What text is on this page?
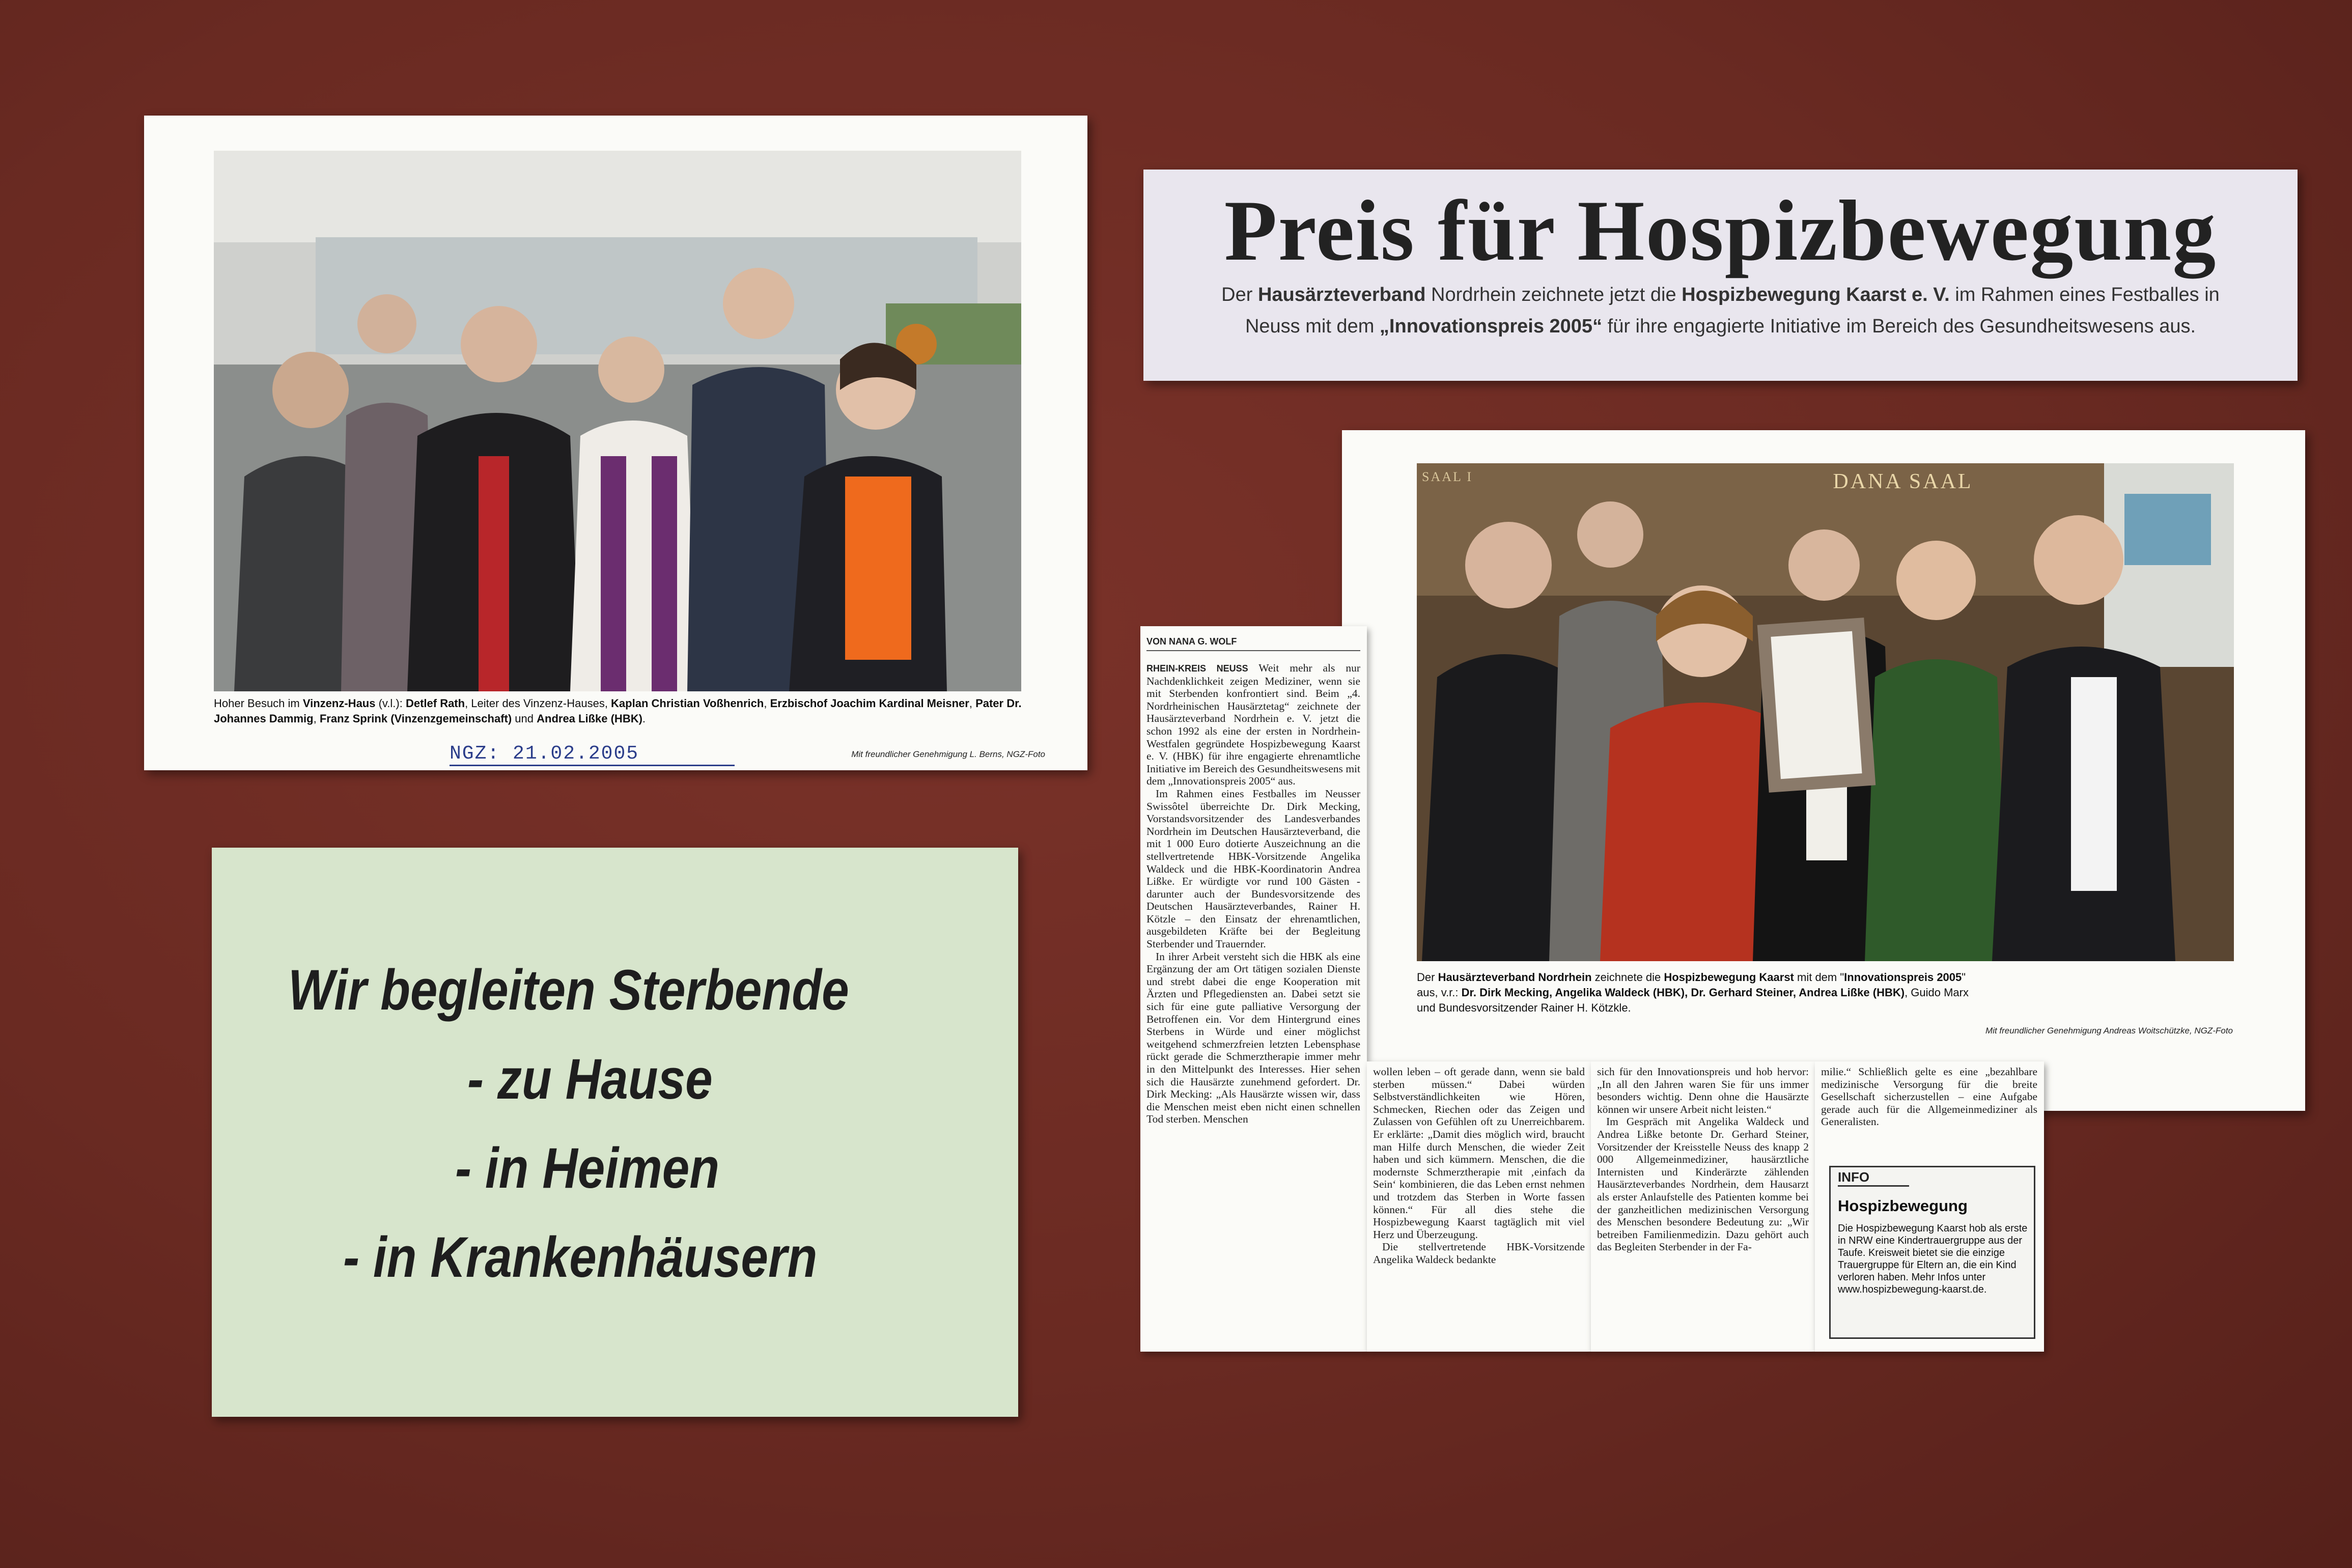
Hoher Besuch im Vinzenz-Haus (v.l.): Detlef Rath, Leiter des Vinzenz-Hauses, Kaplan Christian Voßhenrich, Erzbischof Joachim Kardinal Meisner, Pater Dr. Johannes Dammig, Franz Sprink (Vinzenzgemeinschaft) und Andrea Lißke (HBK).
NGZ: 21.02.2005	Mit freundlicher Genehmigung L. Berns, NGZ-Foto
Preis für Hospizbewegung
Der Hausärzteverband Nordrhein zeichnete jetzt die Hospizbewegung Kaarst e. V. im Rahmen eines Festballes in
Neuss mit dem „Innovationspreis 2005“ für ihre engagierte Initiative im Bereich des Gesundheitswesens aus.
DANA SAAL
SAAL I
Der Hausärzteverband Nordrhein zeichnete die Hospizbewegung Kaarst mit dem "Innovationspreis 2005"
aus, v.r.: Dr. Dirk Mecking, Angelika Waldeck (HBK), Dr. Gerhard Steiner, Andrea Lißke (HBK), Guido Marx
und Bundesvorsitzender Rainer H. Kötzkle.
Mit freundlicher Genehmigung Andreas Woitschützke, NGZ-Foto
Wir begleiten Sterbende
- zu Hause
- in Heimen
- in Krankenhäusern
VON NANA G. WOLF
RHEIN-KREIS NEUSS Weit mehr als nur Nachdenklichkeit zeigen Mediziner, wenn sie mit Sterbenden konfrontiert sind. Beim „4. Nordrheinischen Hausärztetag“ zeichnete der Hausärzteverband Nordrhein e. V. jetzt die schon 1992 als eine der ersten in Nordrhein-Westfalen gegründete Hospizbewegung Kaarst e. V. (HBK) für ihre engagierte ehrenamtliche Initiative im Bereich des Gesundheitswesens mit dem „Innovationspreis 2005“ aus.
Im Rahmen eines Festballes im Neusser Swissôtel überreichte Dr. Dirk Mecking, Vorstandsvorsitzender des Landesverbandes Nordrhein im Deutschen Hausärzteverband, die mit 1 000 Euro dotierte Auszeichnung an die stellvertretende HBK-Vorsitzende Angelika Waldeck und die HBK-Koordinatorin Andrea Lißke. Er würdigte vor rund 100 Gästen - darunter auch der Bundesvorsitzende des Deutschen Hausärzteverbandes, Rainer H. Kötzle – den Einsatz der ehrenamtlichen, ausgebildeten Kräfte bei der Begleitung Sterbender und Trauernder.
In ihrer Arbeit versteht sich die HBK als eine Ergänzung der am Ort tätigen sozialen Dienste und strebt dabei die enge Kooperation mit Ärzten und Pflegediensten an. Dabei setzt sie sich für eine gute palliative Versorgung der Betroffenen ein. Vor dem Hintergrund eines Sterbens in Würde und einer möglichst weitgehend schmerzfreien letzten Lebensphase rückt gerade die Schmerztherapie immer mehr in den Mittelpunkt des Interesses. Hier sehen sich die Hausärzte zunehmend gefordert. Dr. Dirk Mecking: „Als Hausärzte wissen wir, dass die Menschen meist eben nicht einen schnellen Tod sterben. Menschen
wollen leben – oft gerade dann, wenn sie bald sterben müssen.“ Dabei würden Selbstverständlichkeiten wie Hören, Schmecken, Riechen oder das Zeigen und Zulassen von Gefühlen oft zu Unerreichbarem. Er erklärte: „Damit dies möglich wird, braucht man Hilfe durch Menschen, die wieder Zeit haben und sich kümmern. Menschen, die die modernste Schmerztherapie mit ‚einfach da Sein‘ kombinieren, die das Leben ernst nehmen und trotzdem das Sterben in Worte fassen können.“ Für all dies stehe die Hospizbewegung Kaarst tagtäglich mit viel Herz und Überzeugung.
Die stellvertretende HBK-Vorsitzende Angelika Waldeck bedankte
sich für den Innovationspreis und hob hervor: „In all den Jahren waren Sie für uns immer besonders wichtig. Denn ohne die Hausärzte können wir unsere Arbeit nicht leisten.“
Im Gespräch mit Angelika Waldeck und Andrea Lißke betonte Dr. Gerhard Steiner, Vorsitzender der Kreisstelle Neuss des knapp 2 000 Allgemeinmediziner, hausärztliche Internisten und Kinderärzte zählenden Hausärzteverbandes Nordrhein, dem Hausarzt als erster Anlaufstelle des Patienten komme bei der ganzheitlichen medizinischen Versorgung des Menschen besondere Bedeutung zu: „Wir betreiben Familienmedizin. Dazu gehört auch das Begleiten Sterbender in der Fa-
milie.“ Schließlich gelte es eine „bezahlbare medizinische Versorgung für die breite Gesellschaft sicherzustellen – eine Aufgabe gerade auch für die Allgemeinmediziner als Generalisten.
INFO
Hospizbewegung
Die Hospizbewegung Kaarst hob als erste in NRW eine Kindertrauergruppe aus der Taufe. Kreisweit bietet sie die einzige Trauergruppe für Eltern an, die ein Kind verloren haben. Mehr Infos unter www.hospizbewegung-kaarst.de.
